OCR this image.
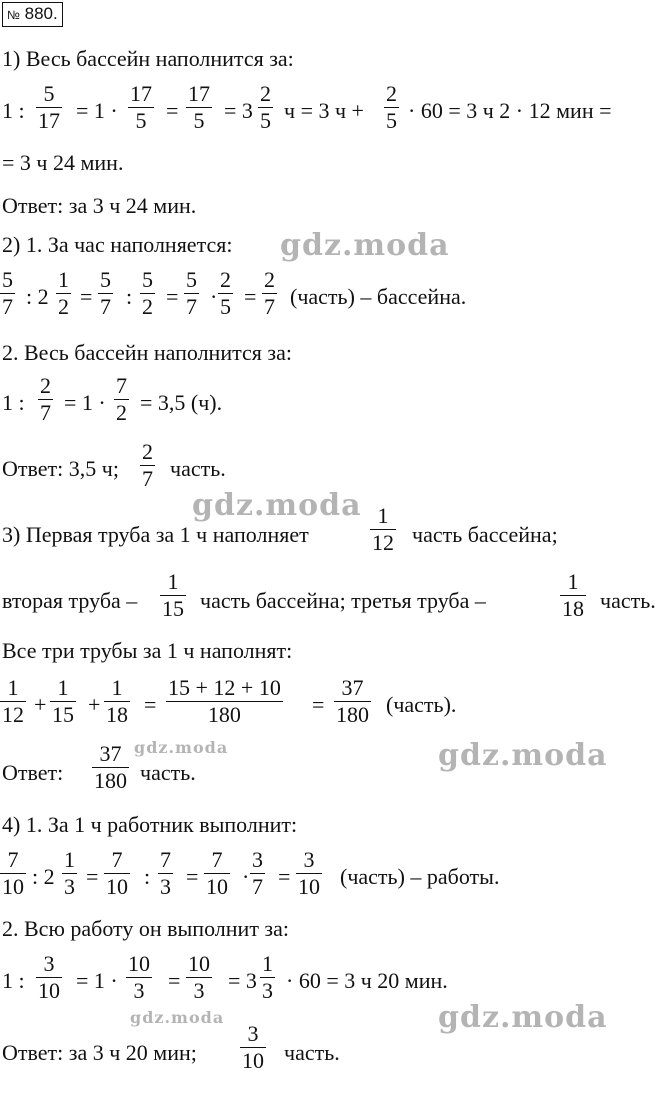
№ 880.
1) Весь бассейн наполнится за:
1 :
5
17 = 1 ·
17
5 =
17
5 = 3
2
5 ч = 3 ч +
2
5 · 60 = 3 ч 2 · 12 мин =
= 3 ч 24 мин.
Ответ: за 3 ч 24 мин.
2) 1. За час наполняется:
5
7 : 2
1
2 =
5
7 :
5
2 =
5
7 ·
2
5 =
2
7 (часть) – бассейна.
2. Весь бассейн наполнится за:
1 :
2
7 = 1 ·
7
2 = 3,5 (ч).
Ответ: 3,5 ч;
2
7 часть.
3) Первая труба за 1 ч наполняет
1
12 часть бассейна;
вторая труба –
1
15 часть бассейна; третья труба –
1
18 часть.
Все три трубы за 1 ч наполнят:
1
12 +
1
15 +
1
18 =
15 + 12 + 10
180	=
37
180 (часть).
Ответ:
37
180 часть.
4) 1. За 1 ч работник выполнит:
7
10 : 2
1
3 =
7
10 :
7
3 =
7
10 ·
3
7 =
3
10 (часть) – работы.
2. Всю работу он выполнит за:
1 :
3
10 = 1 ·
10
3	=
10
3	= 3
1
3 · 60 = 3 ч 20 мин.
Ответ: за 3 ч 20 мин;
3
10 часть.
gdz.moda
gdz.moda
gdz.moda	gdz.moda
gdz.moda	gdz.moda
